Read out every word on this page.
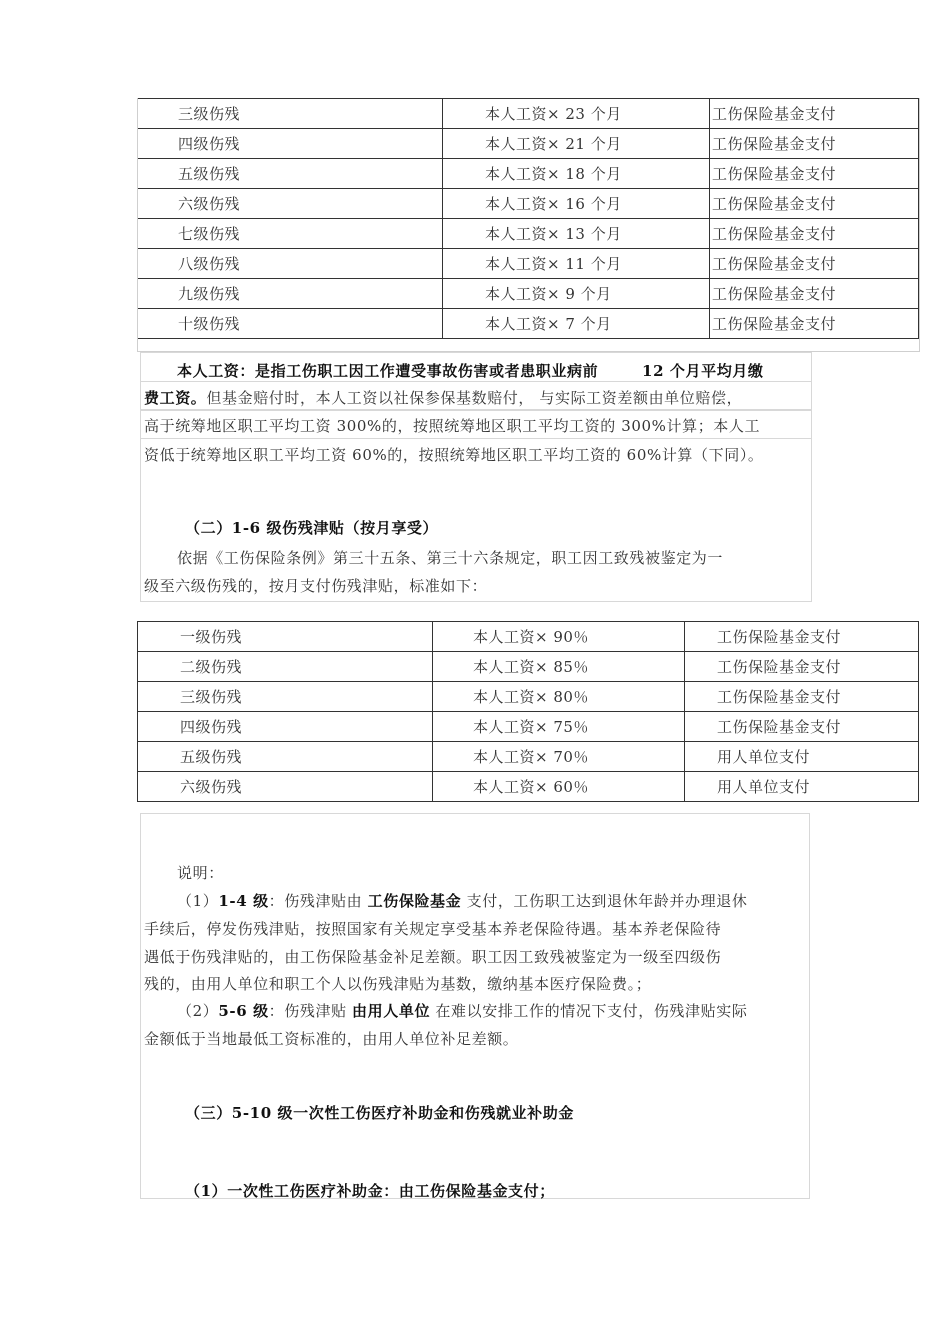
三级伤残	本人工资× 23 个月	工伤保险基金支付
四级伤残	本人工资× 21 个月	工伤保险基金支付
五级伤残	本人工资× 18 个月	工伤保险基金支付
六级伤残	本人工资× 16 个月	工伤保险基金支付
七级伤残	本人工资× 13 个月	工伤保险基金支付
八级伤残	本人工资× 11 个月	工伤保险基金支付
九级伤残	本人工资× 9 个月	工伤保险基金支付
十级伤残	本人工资× 7 个月	工伤保险基金支付
本人工资：是指工伤职工因工作遭受事故伤害或者患职业病前	12 个月平均月缴
费工资。但基金赔付时，本人工资以社保参保基数赔付， 与实际工资差额由单位赔偿，
高于统筹地区职工平均工资 300%的，按照统筹地区职工平均工资的 300%计算；本人工
资低于统筹地区职工平均工资 60%的，按照统筹地区职工平均工资的 60%计算（下同）。
（二）1-6 级伤残津贴（按月享受）
依据《工伤保险条例》第三十五条、第三十六条规定，职工因工致残被鉴定为一
级至六级伤残的，按月支付伤残津贴，标准如下：
一级伤残	本人工资× 90％	工伤保险基金支付
二级伤残	本人工资× 85％	工伤保险基金支付
三级伤残	本人工资× 80％	工伤保险基金支付
四级伤残	本人工资× 75％	工伤保险基金支付
五级伤残	本人工资× 70％	用人单位支付
六级伤残	本人工资× 60％	用人单位支付
说明：
（1）1-4 级：伤残津贴由 工伤保险基金 支付，工伤职工达到退休年龄并办理退休
手续后，停发伤残津贴，按照国家有关规定享受基本养老保险待遇。基本养老保险待
遇低于伤残津贴的，由工伤保险基金补足差额。职工因工致残被鉴定为一级至四级伤
残的，由用人单位和职工个人以伤残津贴为基数，缴纳基本医疗保险费。；
（2）5-6 级：伤残津贴 由用人单位 在难以安排工作的情况下支付，伤残津贴实际
金额低于当地最低工资标准的，由用人单位补足差额。
（三）5-10 级一次性工伤医疗补助金和伤残就业补助金
（1）一次性工伤医疗补助金：由工伤保险基金支付；
